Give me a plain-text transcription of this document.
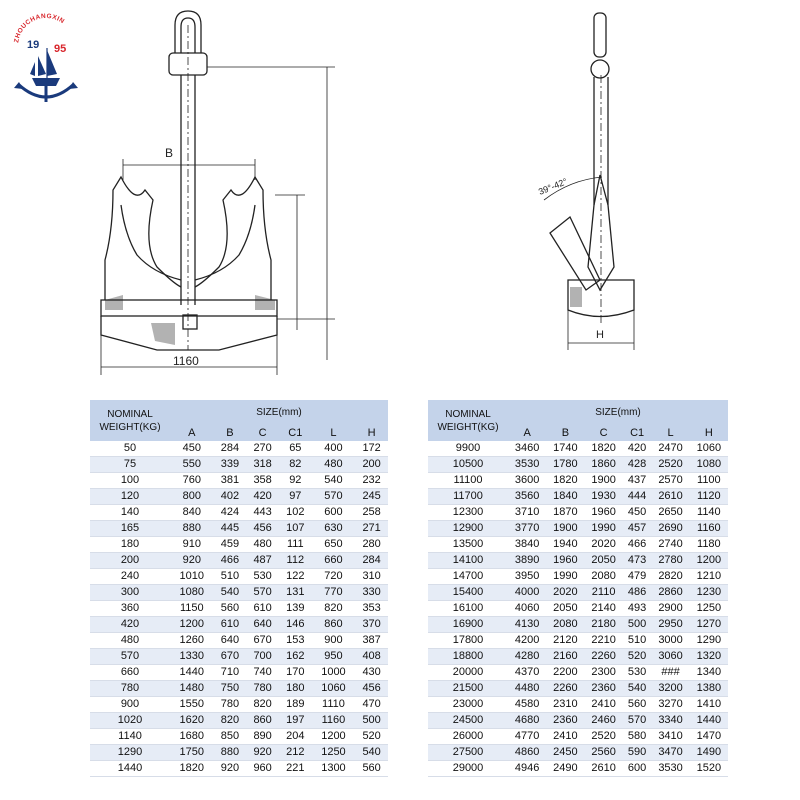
ZHOUCHANGXIN
19 95
B
1160
39°-42°
H
NOMINAL
WEIGHT(KG)	SIZE(mm)					
	A	B	C	C1	L	H
50	450	284	270	65	400	172
75	550	339	318	82	480	200
100	760	381	358	92	540	232
120	800	402	420	97	570	245
140	840	424	443	102	600	258
165	880	445	456	107	630	271
180	910	459	480	111	650	280
200	920	466	487	112	660	284
240	1010	510	530	122	720	310
300	1080	540	570	131	770	330
360	1150	560	610	139	820	353
420	1200	610	640	146	860	370
480	1260	640	670	153	900	387
570	1330	670	700	162	950	408
660	1440	710	740	170	1000	430
780	1480	750	780	180	1060	456
900	1550	780	820	189	1110	470
1020	1620	820	860	197	1160	500
1140	1680	850	890	204	1200	520
1290	1750	880	920	212	1250	540
1440	1820	920	960	221	1300	560
NOMINAL
WEIGHT(KG)	SIZE(mm)					
	A	B	C	C1	L	H
9900	3460	1740	1820	420	2470	1060
10500	3530	1780	1860	428	2520	1080
11100	3600	1820	1900	437	2570	1100
11700	3560	1840	1930	444	2610	1120
12300	3710	1870	1960	450	2650	1140
12900	3770	1900	1990	457	2690	1160
13500	3840	1940	2020	466	2740	1180
14100	3890	1960	2050	473	2780	1200
14700	3950	1990	2080	479	2820	1210
15400	4000	2020	2110	486	2860	1230
16100	4060	2050	2140	493	2900	1250
16900	4130	2080	2180	500	2950	1270
17800	4200	2120	2210	510	3000	1290
18800	4280	2160	2260	520	3060	1320
20000	4370	2200	2300	530	###	1340
21500	4480	2260	2360	540	3200	1380
23000	4580	2310	2410	560	3270	1410
24500	4680	2360	2460	570	3340	1440
26000	4770	2410	2520	580	3410	1470
27500	4860	2450	2560	590	3470	1490
29000	4946	2490	2610	600	3530	1520
